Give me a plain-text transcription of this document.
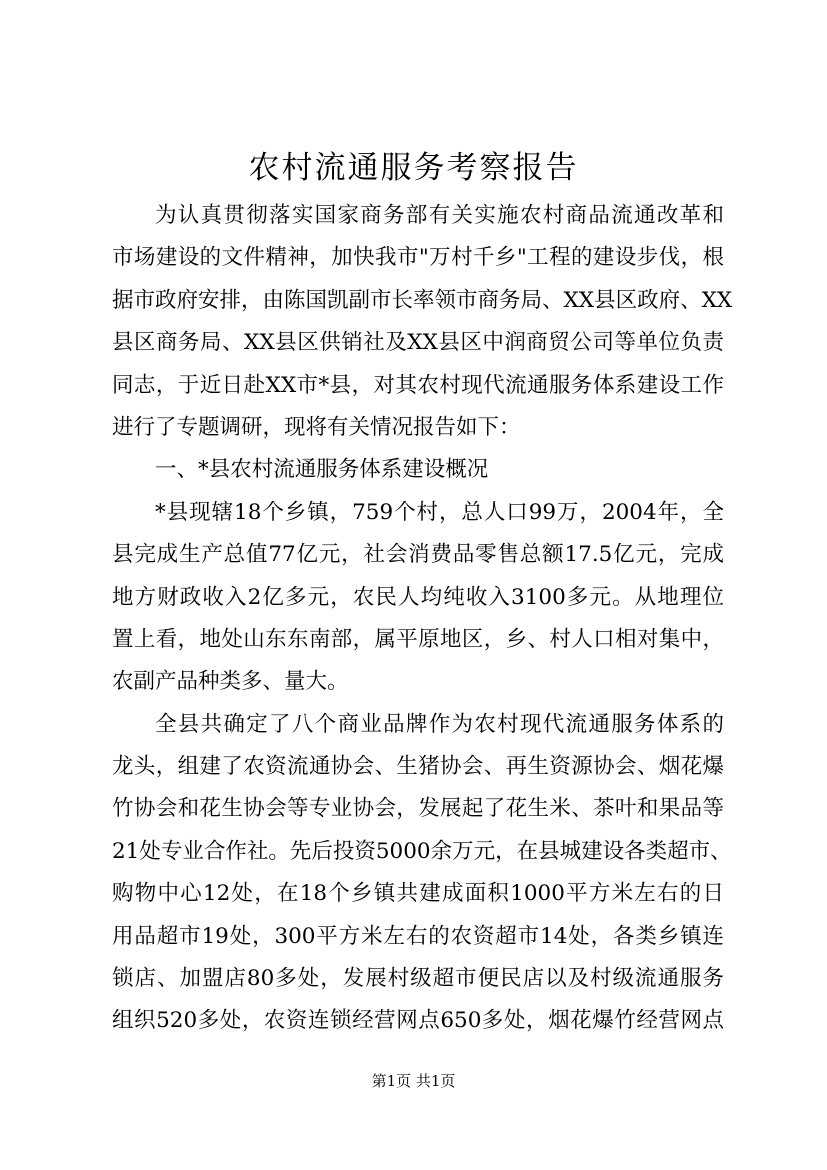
农村流通服务考察报告
为认真贯彻落实国家商务部有关实施农村商品流通改革和
市场建设的文件精神，加快我市"万村千乡"工程的建设步伐，根
据市政府安排，由陈国凯副市长率领市商务局、XX县区政府、XX
县区商务局、XX县区供销社及XX县区中润商贸公司等单位负责
同志，于近日赴XX市*县，对其农村现代流通服务体系建设工作
进行了专题调研，现将有关情况报告如下：
一、*县农村流通服务体系建设概况
*县现辖18个乡镇，759个村，总人口99万，2004年，全
县完成生产总值77亿元，社会消费品零售总额17.5亿元，完成
地方财政收入2亿多元，农民人均纯收入3100多元。从地理位
置上看，地处山东东南部，属平原地区，乡、村人口相对集中，
农副产品种类多、量大。
全县共确定了八个商业品牌作为农村现代流通服务体系的
龙头，组建了农资流通协会、生猪协会、再生资源协会、烟花爆
竹协会和花生协会等专业协会，发展起了花生米、茶叶和果品等
21处专业合作社。先后投资5000余万元，在县城建设各类超市、
购物中心12处，在18个乡镇共建成面积1000平方米左右的日
用品超市19处，300平方米左右的农资超市14处，各类乡镇连
锁店、加盟店80多处，发展村级超市便民店以及村级流通服务
组织520多处，农资连锁经营网点650多处，烟花爆竹经营网点
第1页 共1页
